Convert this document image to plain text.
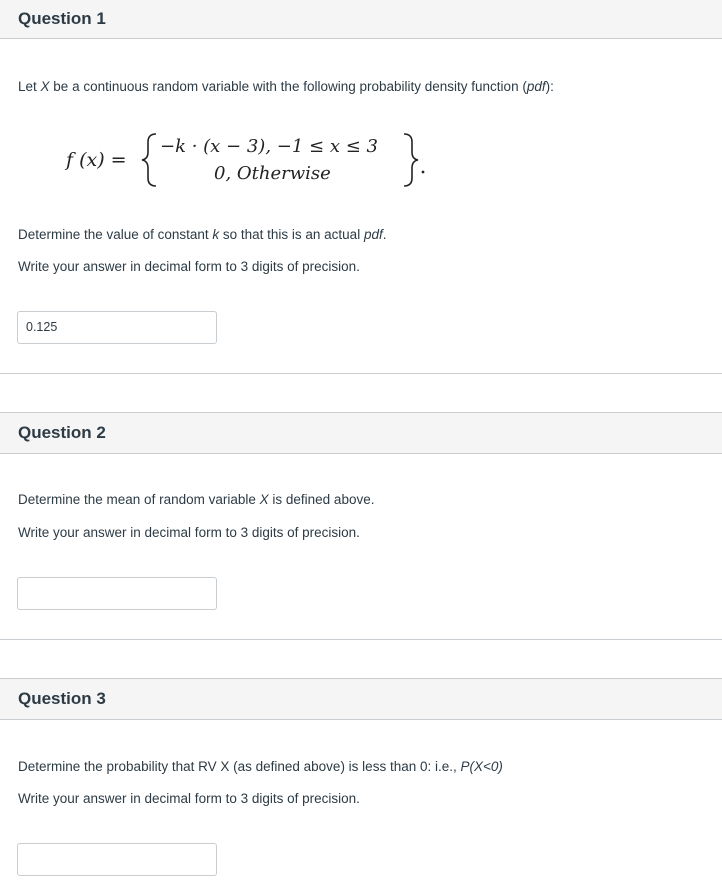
Question 1
Let X be a continuous random variable with the following probability density function (pdf):
f (x) =
−k · (x − 3), −1 ≤ x ≤ 3
0, Otherwise
Determine the value of constant k so that this is an actual pdf.
Write your answer in decimal form to 3 digits of precision.
0.125
Question 2
Determine the mean of random variable X is defined above.
Write your answer in decimal form to 3 digits of precision.
Question 3
Determine the probability that RV X (as defined above) is less than 0: i.e., P(X<0)
Write your answer in decimal form to 3 digits of precision.
